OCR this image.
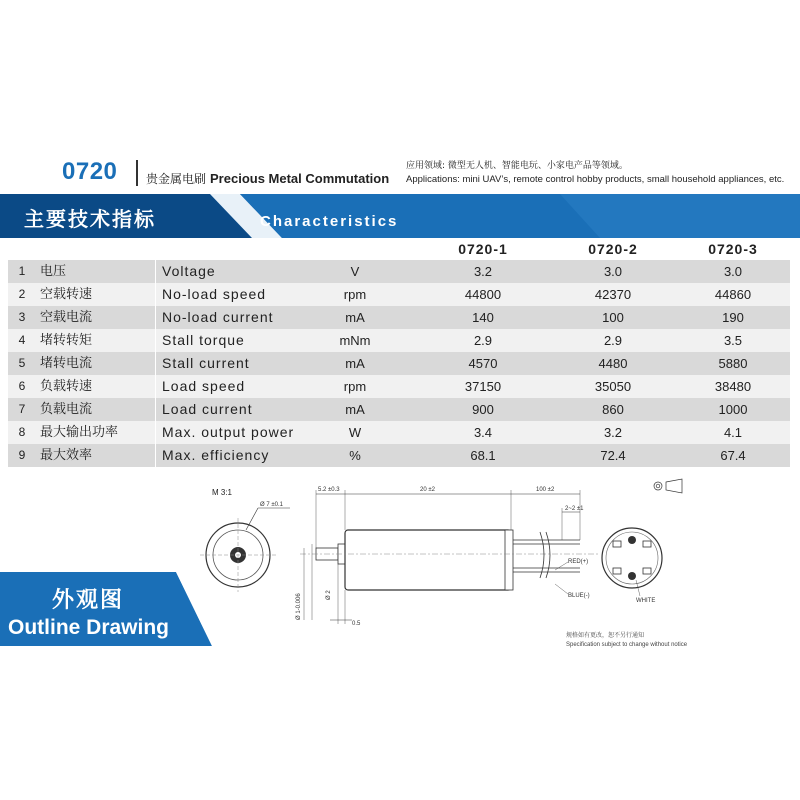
0720 贵金属电刷 Precious Metal Commutation
应用领域: 微型无人机、智能电玩、小家电产品等领域。
Applications: mini UAV’s, remote control hobby products, small household appliances, etc.
主要技术指标	Characteristics
0720-1	0720-2	0720-3
1	电压	Voltage	V	3.2	3.0	3.0
2	空载转速	No-load speed	rpm	44800	42370	44860
3	空载电流	No-load current	mA	140	100	190
4	堵转转矩	Stall torque	mNm	2.9	2.9	3.5
5	堵转电流	Stall current	mA	4570	4480	5880
6	负载转速	Load speed	rpm	37150	35050	38480
7	负载电流	Load current	mA	900	860	1000
8	最大输出功率	Max. output power	W	3.4	3.2	4.1
9	最大效率	Max. efficiency	%	68.1	72.4	67.4
M 3:1
Ø 7 ±0.1
5.2 ±0.3	20 ±2	100 ±2
2~2 ±1
0.5
RED(+)
BLUE(-)
Ø 1-0.006	Ø 2
WHITE
规格如有更改，恕不另行通知
Specification subject to change without notice
外观图
Outline Drawing
